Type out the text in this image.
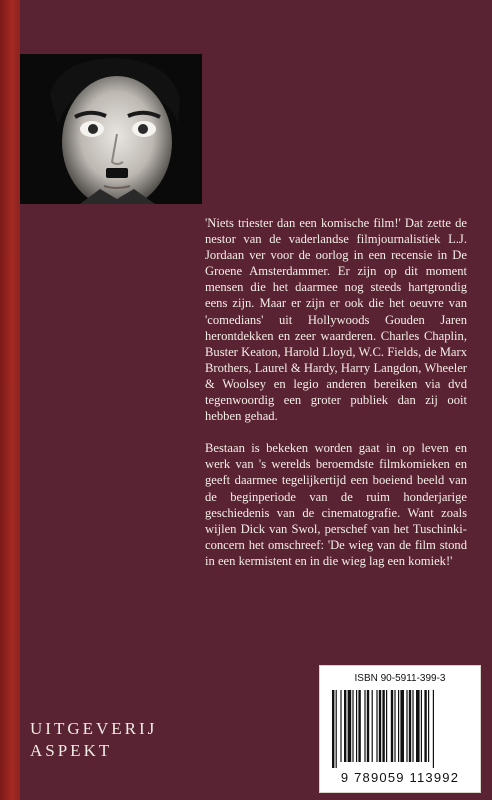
'Niets triester dan een komische film!' Dat zette de nestor van de vaderlandse filmjournalistiek L.J. Jordaan ver voor de oorlog in een recensie in De Groene Amsterdammer. Er zijn op dit moment mensen die het daarmee nog steeds hartgrondig eens zijn. Maar er zijn er ook die het oeuvre van 'comedians' uit Hollywoods Gouden Jaren herontdekken en zeer waarderen. Charles Chaplin, Buster Keaton, Harold Lloyd, W.C. Fields, de Marx Brothers, Laurel & Hardy, Harry Langdon, Wheeler & Woolsey en legio anderen bereiken via dvd tegenwoordig een groter publiek dan zij ooit hebben gehad.

Bestaan is bekeken worden gaat in op leven en werk van 's werelds beroemdste filmkomieken en geeft daarmee tegelijkertijd een boeiend beeld van de beginperiode van de ruim honderjarige geschiedenis van de cinematografie. Want zoals wijlen Dick van Swol, perschef van het Tuschinki-concern het omschreef: 'De wieg van de film stond in een kermistent en in die wieg lag een komiek!'

UITGEVERIJ
ASPEKT
ISBN 90-5911-399-3
9 789059 113992
